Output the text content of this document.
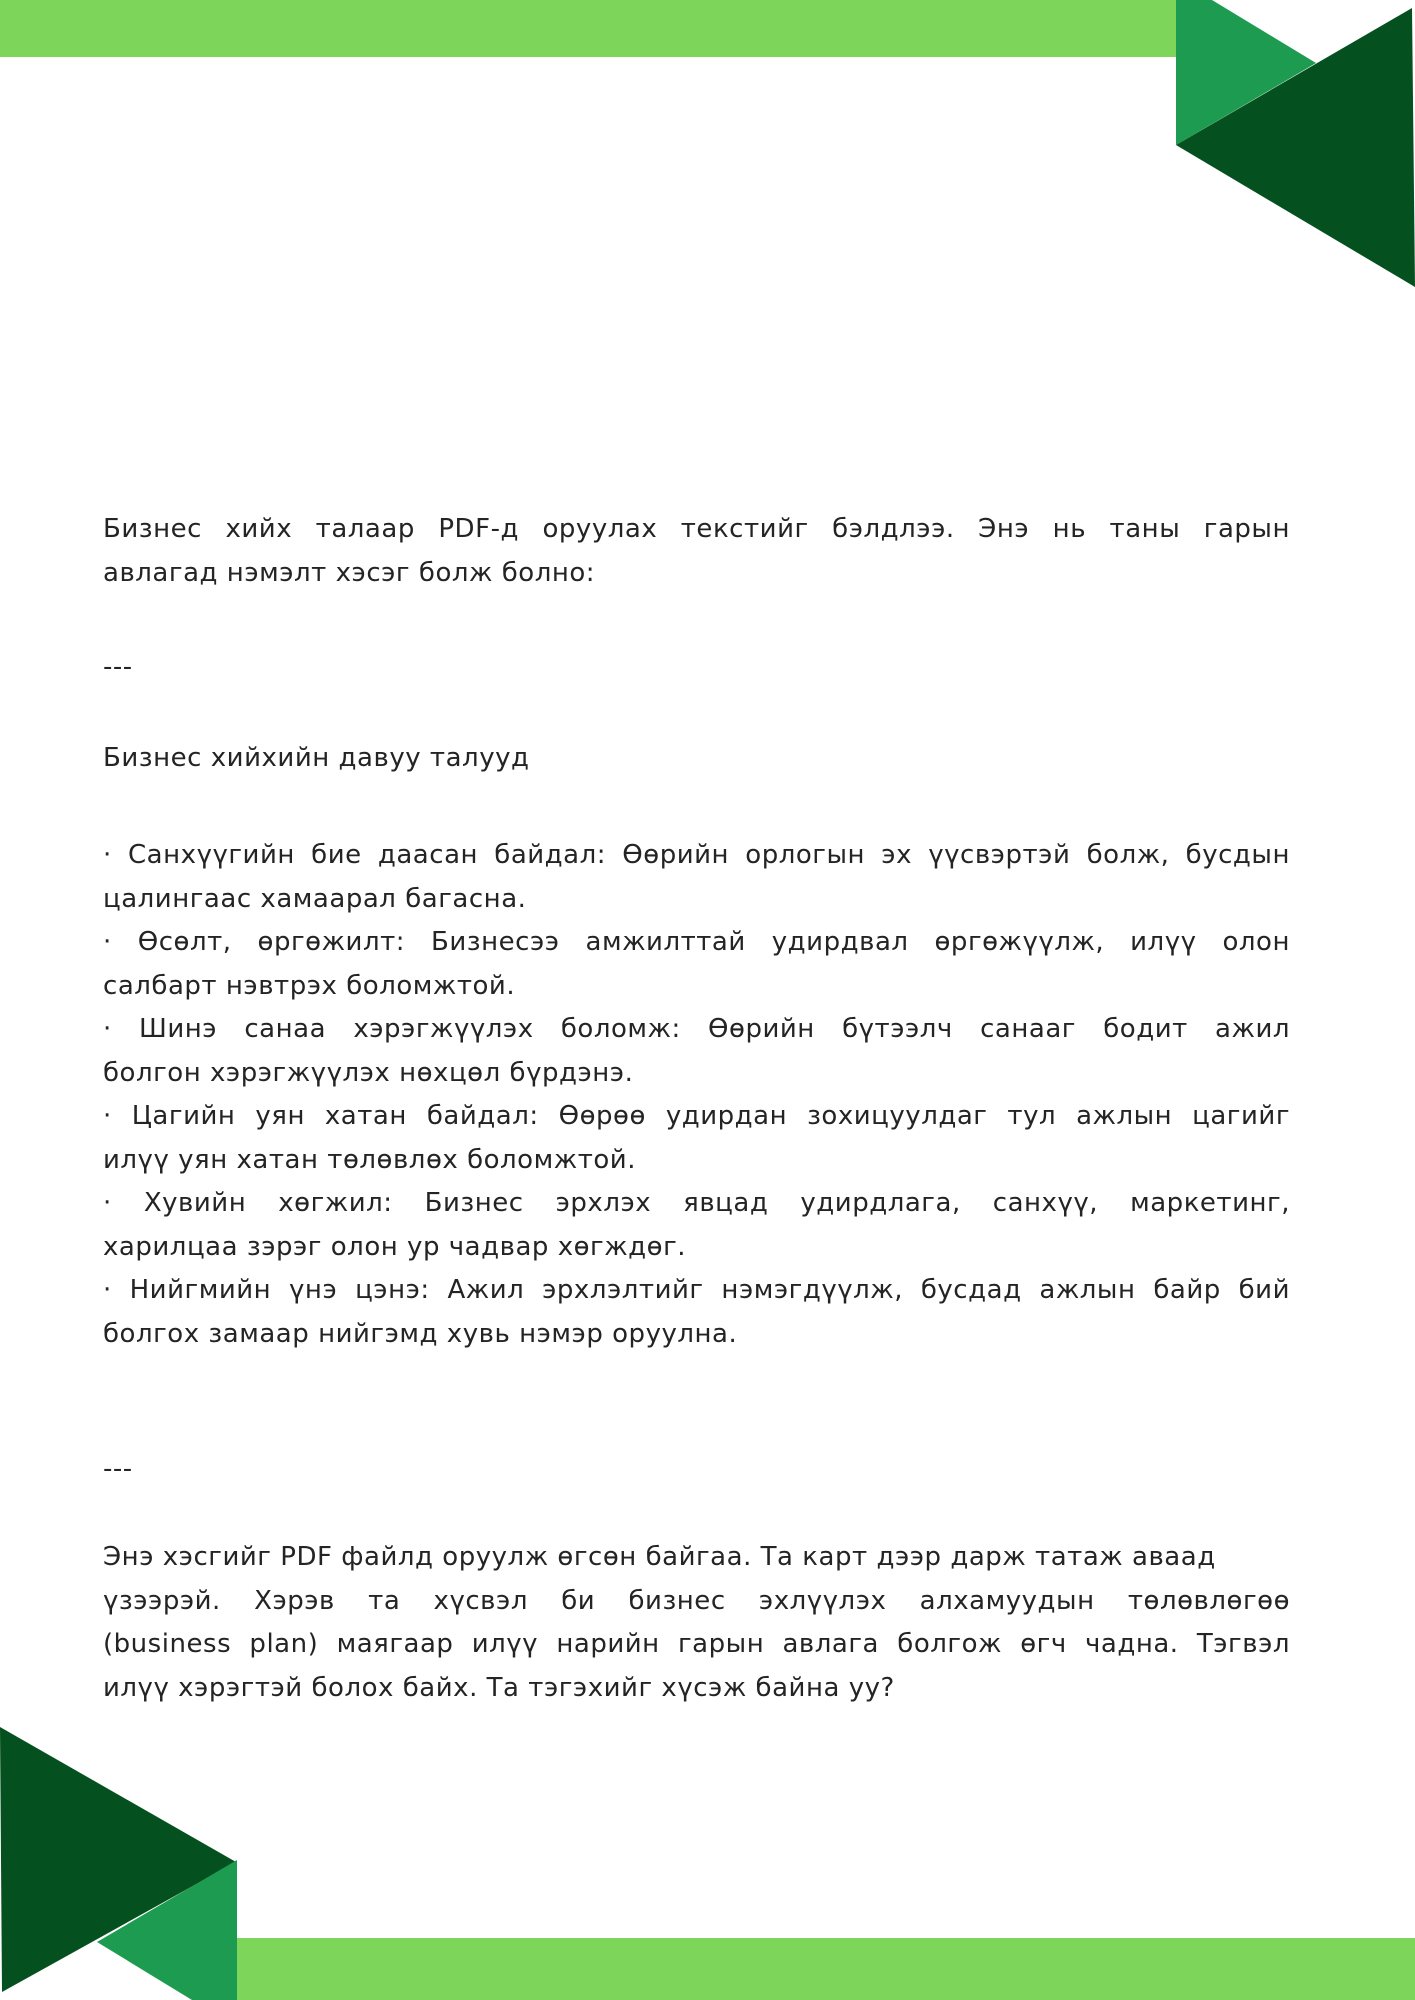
Бизнес хийх талаар PDF-д оруулах текстийг бэлдлээ. Энэ нь таны гарын
авлагад нэмэлт хэсэг болж болно:
---
Бизнес хийхийн давуу талууд
· Санхүүгийн бие даасан байдал: Өөрийн орлогын эх үүсвэртэй болж, бусдын
цалингаас хамаарал багасна.
· Өсөлт, өргөжилт: Бизнесээ амжилттай удирдвал өргөжүүлж, илүү олон
салбарт нэвтрэх боломжтой.
· Шинэ санаа хэрэгжүүлэх боломж: Өөрийн бүтээлч санааг бодит ажил
болгон хэрэгжүүлэх нөхцөл бүрдэнэ.
· Цагийн уян хатан байдал: Өөрөө удирдан зохицуулдаг тул ажлын цагийг
илүү уян хатан төлөвлөх боломжтой.
· Хувийн хөгжил: Бизнес эрхлэх явцад удирдлага, санхүү, маркетинг,
харилцаа зэрэг олон ур чадвар хөгждөг.
· Нийгмийн үнэ цэнэ: Ажил эрхлэлтийг нэмэгдүүлж, бусдад ажлын байр бий
болгох замаар нийгэмд хувь нэмэр оруулна.
---
Энэ хэсгийг PDF файлд оруулж өгсөн байгаа. Та карт дээр дарж татаж аваад
үзээрэй. Хэрэв та хүсвэл би бизнес эхлүүлэх алхамуудын төлөвлөгөө
(business plan) маягаар илүү нарийн гарын авлага болгож өгч чадна. Тэгвэл
илүү хэрэгтэй болох байх. Та тэгэхийг хүсэж байна уу?
